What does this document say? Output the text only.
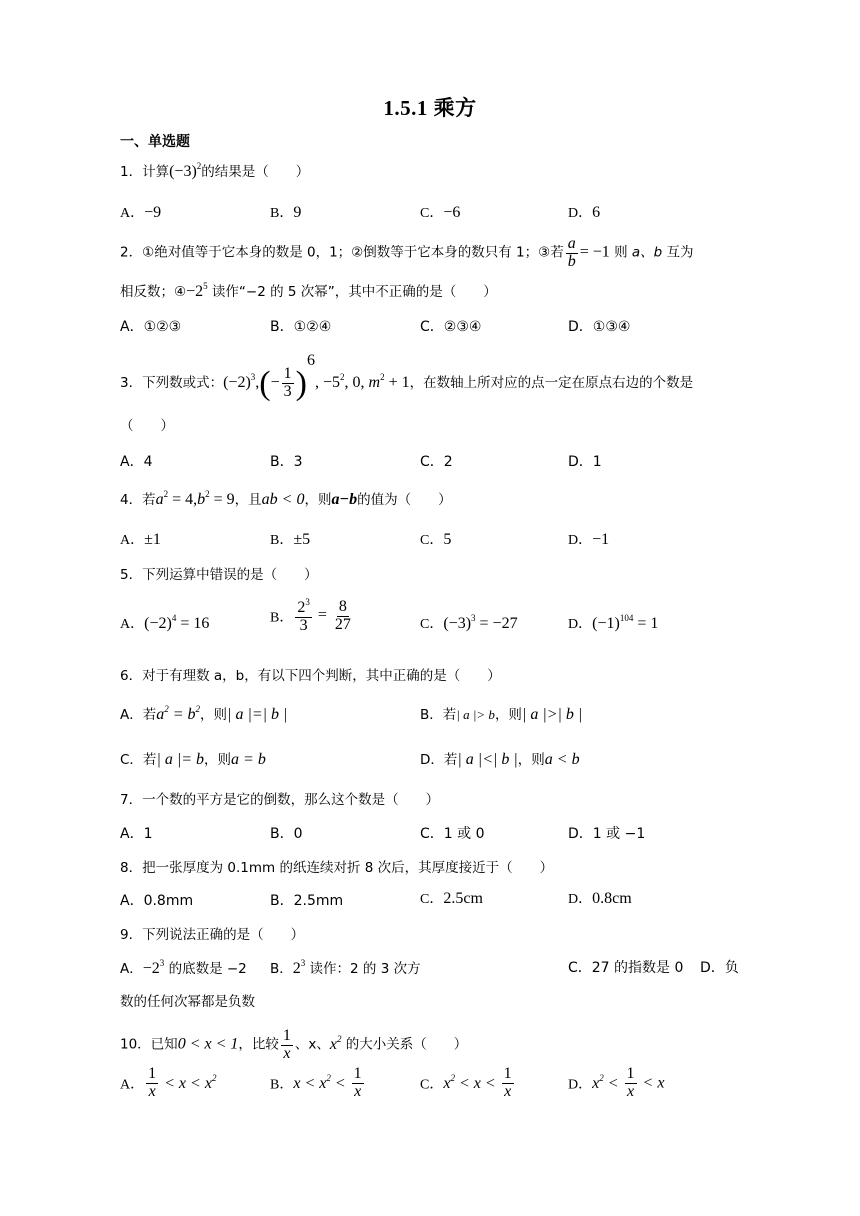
1.5.1 乘方
一、单选题
1．计算$(-3)^2$的结果是（　　）
A．−9	B．9	C．−6	D．6
2．①绝对值等于它本身的数是 0，1；②倒数等于它本身的数只有 1；③若 $\frac{a}{b} = -1$ 则 a、b 互为
相反数；$④-2^5$ 读作“−2 的 5 次幂”，其中不正确的是（　　）
A．①②③	B．①②④	C．②③④	D．①③④
3．下列数或式：$(-2)^3,(- \frac{1}{3} )^6$, $-5^2$, 0, $m^2 + 1$，在数轴上所对应的点一定在原点右边的个数是
（　　）
A．4	B．3	C．2	D．1
4．若$a^2 = 4,b^2 = 9$，且ab < 0，则a−b的值为（　　）
A．±1	B．±5	C．5	D．−1
5．下列运算中错误的是（　　）
A．$(-2)^4 = 16$	B． $\frac{2^3}{3} = \frac{8}{27}$	C．$(-3)^3 = -27$	D．$(-1)^{104} = 1$
6．对于有理数 a，b，有以下四个判断，其中正确的是（　　）
A．若$a^2 = b^2$，则| a |=| b |	B．若| a |> b，则| a |>| b |
C．若| a |= b，则a = b	D．若| a |<| b |，则a < b
7．一个数的平方是它的倒数，那么这个数是（　　）
A．1	B．0	C．1 或 0	D．1 或 −1
8．把一张厚度为 0.1mm 的纸连续对折 8 次后，其厚度接近于（　　）
A．0.8mm	B．2.5mm	C．2.5cm	D．0.8cm
9．下列说法正确的是（　　）
A．$-2^3$ 的底数是 −2 B．$2^3$ 读作：2 的 3 次方	C．27 的指数是 0 D．负
数的任何次幂都是负数
10．已知0 < x < 1，比较 $\frac{1}{x}$ 、x、$x^2$ 的大小关系（　　）
A． $\frac{1}{x} < x < x^2$	B．$x < x^2 < \frac{1}{x}$	C．$x^2 < x < \frac{1}{x}$	D．$x^2 < \frac{1}{x} < x$
